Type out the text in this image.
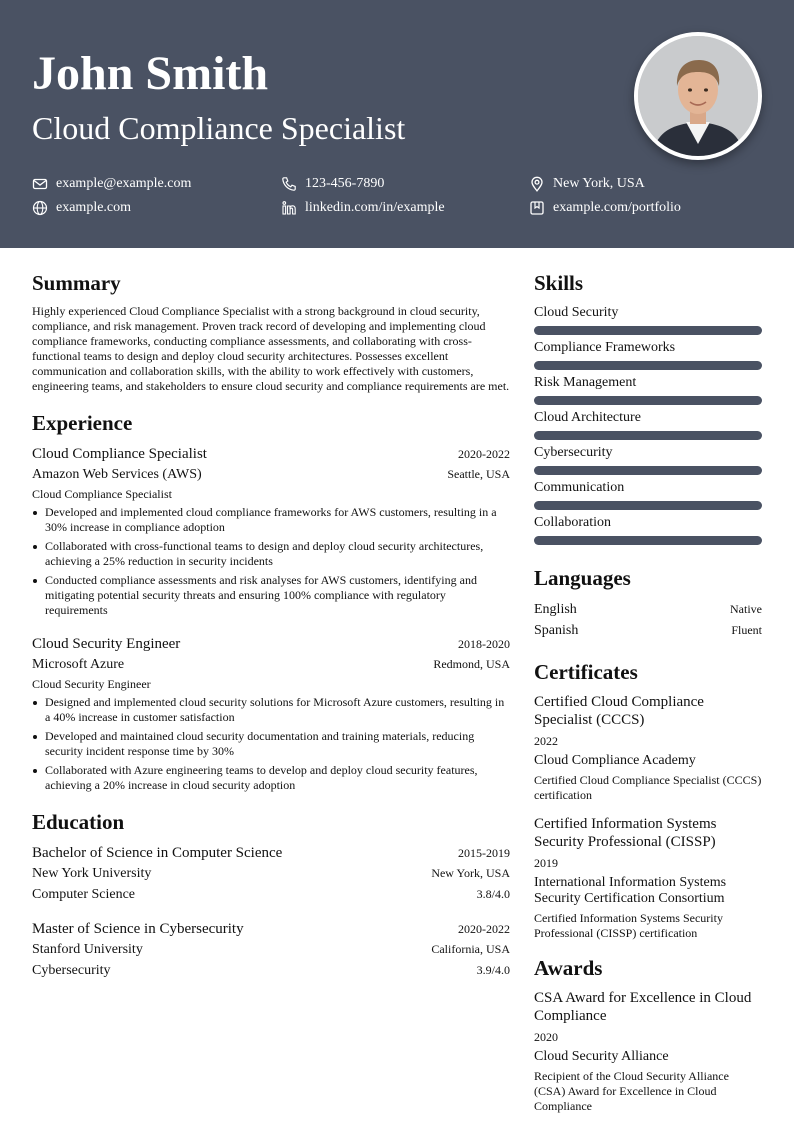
John Smith
Cloud Compliance Specialist
example@example.com	123-456-7890	New York, USA
example.com	linkedin.com/in/example	example.com/portfolio
Summary

Highly experienced Cloud Compliance Specialist with a strong background in cloud security, compliance, and risk management. Proven track record of developing and implementing cloud compliance frameworks, conducting compliance assessments, and collaborating with cross-functional teams to design and deploy cloud security architectures. Possesses excellent communication and collaboration skills, with the ability to work effectively with customers, engineering teams, and stakeholders to ensure cloud security and compliance requirements are met.

Experience
Cloud Compliance Specialist	2020-2022
Amazon Web Services (AWS)	Seattle, USA
Cloud Compliance Specialist
Developed and implemented cloud compliance frameworks for AWS customers, resulting in a 30% increase in compliance adoption
Collaborated with cross-functional teams to design and deploy cloud security architectures, achieving a 25% reduction in security incidents
Conducted compliance assessments and risk analyses for AWS customers, identifying and mitigating potential security threats and ensuring 100% compliance with regulatory requirements
Cloud Security Engineer	2018-2020
Microsoft Azure	Redmond, USA
Cloud Security Engineer
Designed and implemented cloud security solutions for Microsoft Azure customers, resulting in a 40% increase in customer satisfaction
Developed and maintained cloud security documentation and training materials, reducing security incident response time by 30%
Collaborated with Azure engineering teams to develop and deploy cloud security features, achieving a 20% increase in cloud security adoption
Education
Bachelor of Science in Computer Science	2015-2019
New York University	New York, USA
Computer Science	3.8/4.0
Master of Science in Cybersecurity	2020-2022
Stanford University	California, USA
Cybersecurity	3.9/4.0
Skills
Cloud Security
Compliance Frameworks
Risk Management
Cloud Architecture
Cybersecurity
Communication
Collaboration
Languages
English	Native
Spanish	Fluent
Certificates
Certified Cloud Compliance Specialist (CCCS)
2022
Cloud Compliance Academy
Certified Cloud Compliance Specialist (CCCS) certification
Certified Information Systems Security Professional (CISSP)
2019
International Information Systems Security Certification Consortium
Certified Information Systems Security Professional (CISSP) certification
Awards
CSA Award for Excellence in Cloud Compliance
2020
Cloud Security Alliance
Recipient of the Cloud Security Alliance (CSA) Award for Excellence in Cloud Compliance
